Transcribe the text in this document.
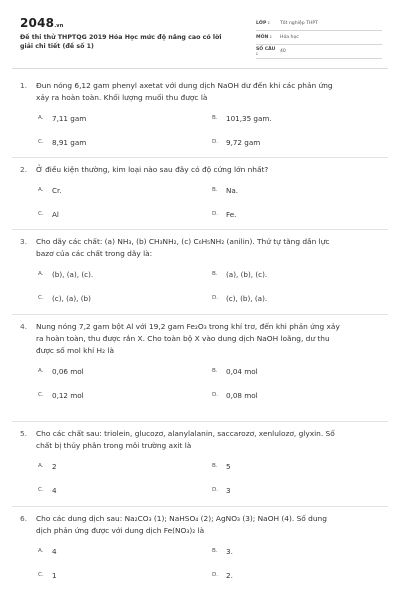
2048.vn
Đề thi thử THPTQG 2019 Hóa Học mức độ nâng cao có lời giải chi tiết (đề số 1)
LỚP :	Tốt nghiệp THPT
MÔN :	Hóa học
SỐ CÂU :	40
1.	Đun nóng 6,12 gam phenyl axetat với dung dịch NaOH dư đến khi các phản ứng
xảy ra hoàn toàn. Khối lượng muối thu được là
A.	7,11 gam	B.	101,35 gam.
C.	8,91 gam	D.	9,72 gam
2.	Ở điều kiện thường, kim loại nào sau đây có độ cứng lớn nhất?
A.	Cr.	B.	Na.
C.	Al	D.	Fe.
3.	Cho dãy các chất: (a) NH₃, (b) CH₃NH₂, (c) C₆H₅NH₂ (anilin). Thứ tự tăng dần lực
bazơ của các chất trong dãy là:
A.	(b), (a), (c).	B.	(a), (b), (c).
C.	(c), (a), (b)	D.	(c), (b), (a).
4.	Nung nóng 7,2 gam bột Al với 19,2 gam Fe₂O₃ trong khí trơ, đến khi phản ứng xảy
ra hoàn toàn, thu được rắn X. Cho toàn bộ X vào dung dịch NaOH loãng, dư thu
được số mol khí H₂ là
A.	0,06 mol	B.	0,04 mol
C.	0,12 mol	D.	0,08 mol
5.	Cho các chất sau: triolein, glucozơ, alanylalanin, saccarozơ, xenlulozơ, glyxin. Số
chất bị thủy phân trong môi trường axit là
A.	2	B.	5
C.	4	D.	3
6.	Cho các dung dịch sau: Na₂CO₃ (1); NaHSO₄ (2); AgNO₃ (3); NaOH (4). Số dung
dịch phản ứng được với dung dịch Fe(NO₃)₂ là
A.	4	B.	3.
C.	1	D.	2.
